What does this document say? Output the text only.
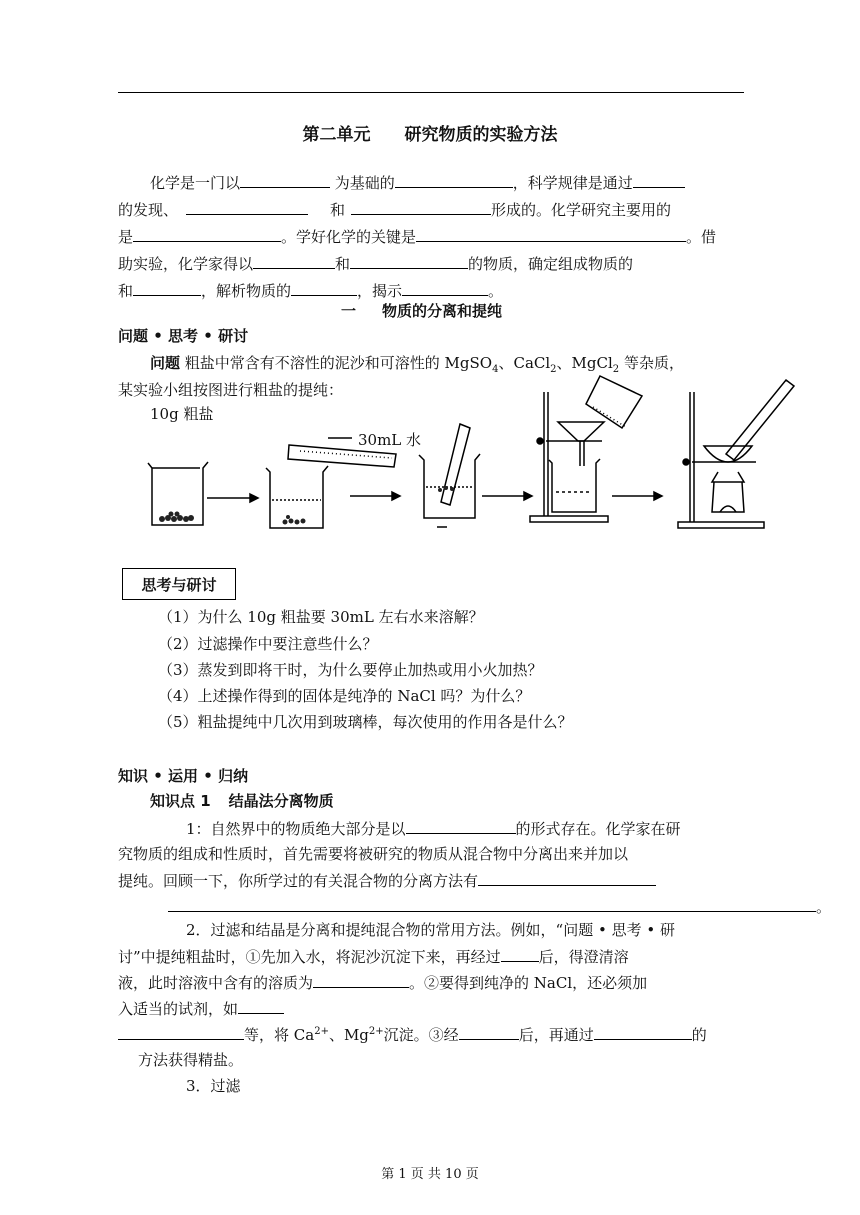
第二单元 研究物质的实验方法
化学是一门以	为基础的	，科学规律是通过
的发现、	和	形成的。化学研究主要用的
是	。学好化学的关键是	。借
助实验，化学家得以	和	的物质，确定组成物质的
和	，解析物质的	，揭示	。
一 物质的分离和提纯
问题 • 思考 • 研讨
问题 粗盐中常含有不溶性的泥沙和可溶性的 MgSO$_4$、CaCl$_2$、MgCl$_2$ 等杂质，
某实验小组按图进行粗盐的提纯：
10g 粗盐
30mL 水
思考与研讨
（1）为什么 10g 粗盐要 30mL 左右水来溶解？
（2）过滤操作中要注意些什么？
（3）蒸发到即将干时，为什么要停止加热或用小火加热？
（4）上述操作得到的固体是纯净的 NaCl 吗？为什么？
（5）粗盐提纯中几次用到玻璃棒，每次使用的作用各是什么？
知识 • 运用 • 归纳
知识点 1 结晶法分离物质
1：自然界中的物质绝大部分是以	的形式存在。化学家在研
究物质的组成和性质时，首先需要将被研究的物质从混合物中分离出来并加以
提纯。回顾一下，你所学过的有关混合物的分离方法有
。
2．过滤和结晶是分离和提纯混合物的常用方法。例如，“问题 • 思考 • 研
讨”中提纯粗盐时，①先加入水，将泥沙沉淀下来，再经过	后，得澄清溶
液，此时溶液中含有的溶质为	。②要得到纯净的 NaCl，还必须加
入适当的试剂，如
等，将 $Ca^{2+}$、$Mg^{2+}$沉淀。③经	后，再通过	的
方法获得精盐。
3．过滤
第 1 页 共 10 页
